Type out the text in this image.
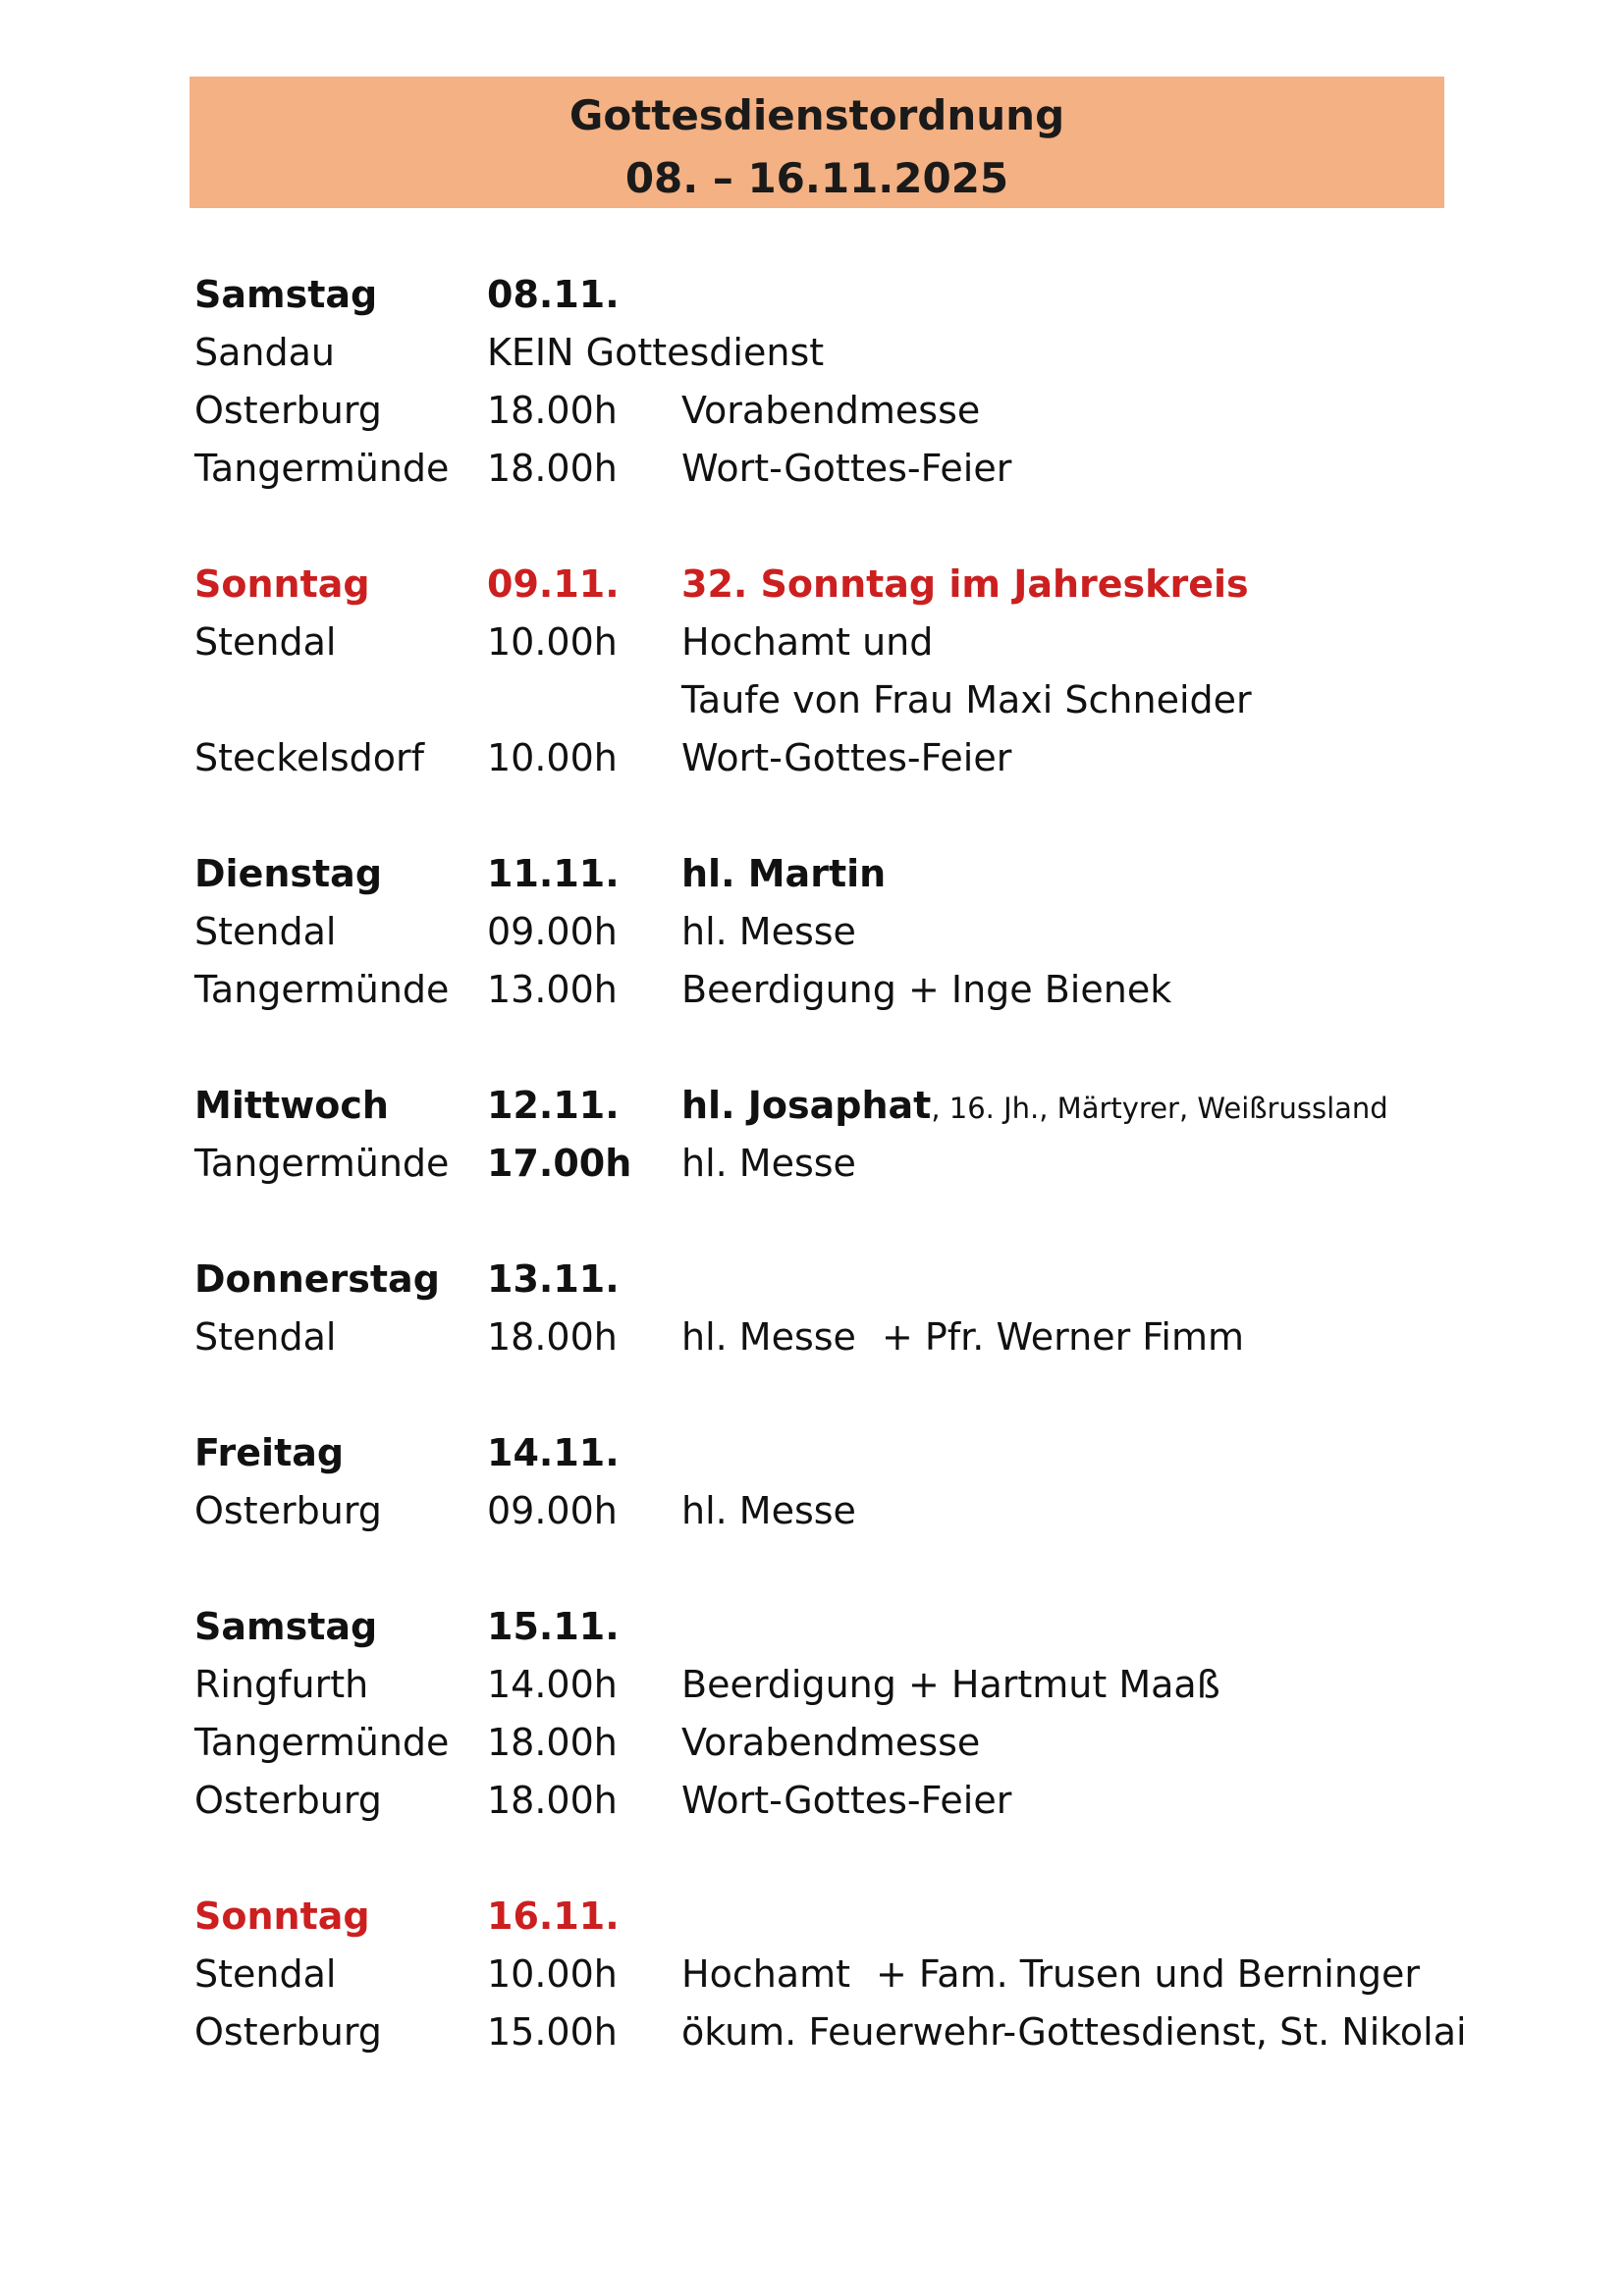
Gottesdienstordnung
08. – 16.11.2025
Samstag	08.11.
Sandau	KEIN Gottesdienst
Osterburg	18.00h	Vorabendmesse
Tangermünde	18.00h	Wort-Gottes-Feier
Sonntag	09.11.	32. Sonntag im Jahreskreis
Stendal	10.00h	Hochamt und
Taufe von Frau Maxi Schneider
Steckelsdorf	10.00h	Wort-Gottes-Feier
Dienstag	11.11.	hl. Martin
Stendal	09.00h	hl. Messe
Tangermünde	13.00h	Beerdigung + Inge Bienek
Mittwoch	12.11.	hl. Josaphat, 16. Jh., Märtyrer, Weißrussland
Tangermünde	17.00h	hl. Messe
Donnerstag	13.11.
Stendal	18.00h	hl. Messe + Pfr. Werner Fimm
Freitag	14.11.
Osterburg	09.00h	hl. Messe
Samstag	15.11.
Ringfurth	14.00h	Beerdigung + Hartmut Maaß
Tangermünde	18.00h	Vorabendmesse
Osterburg	18.00h	Wort-Gottes-Feier
Sonntag	16.11.
Stendal	10.00h	Hochamt + Fam. Trusen und Berninger
Osterburg	15.00h	ökum. Feuerwehr-Gottesdienst, St. Nikolai
